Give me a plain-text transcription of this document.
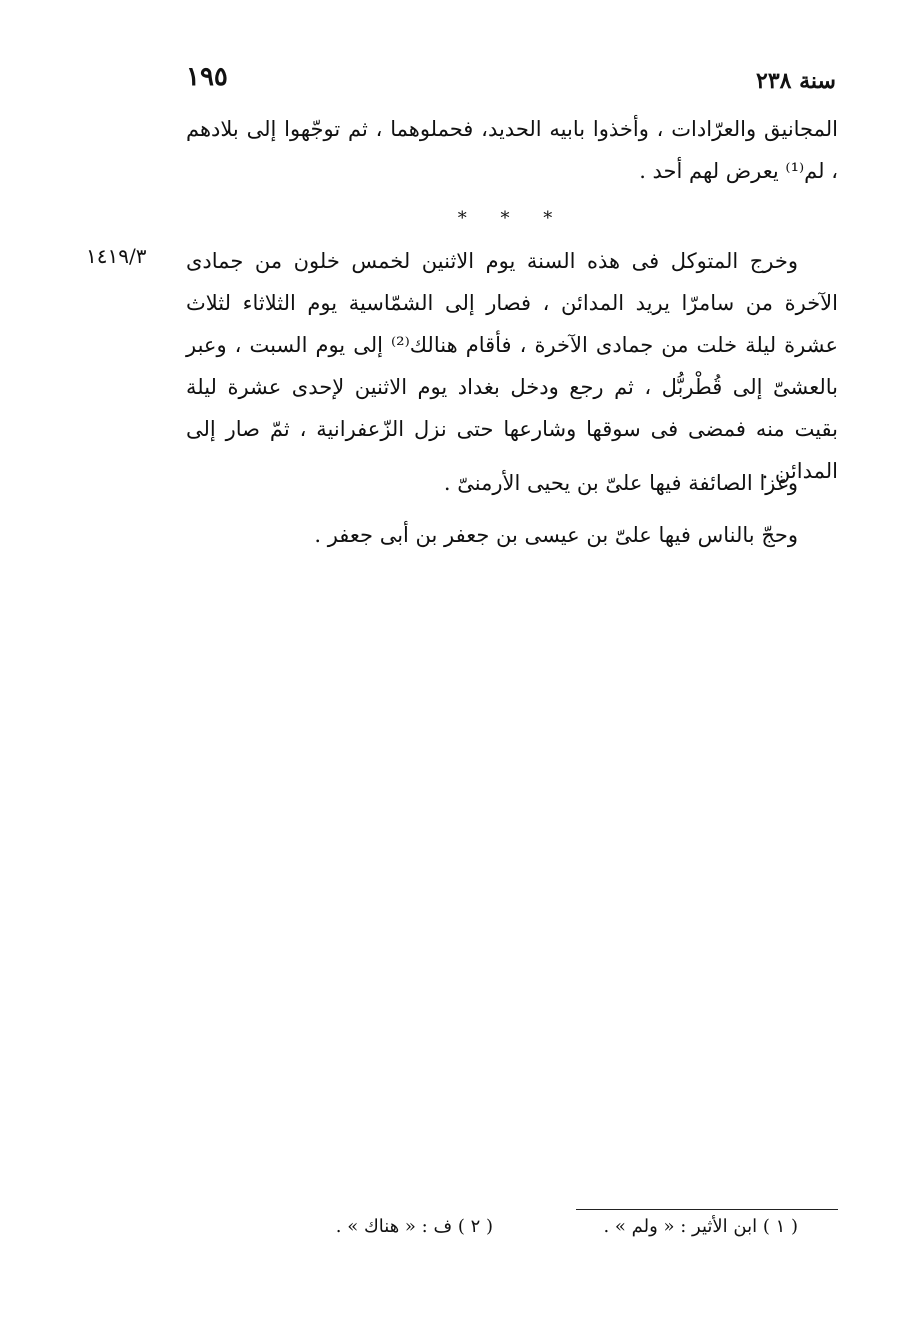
١٩٥	سنة ٢٣٨

المجانيق والعرّادات ، وأخذوا بابيه الحديد، فحملوهما ، ثم توجّهوا إلى بلادهم ، لم⁽¹⁾ يعرض لهم أحد .

* * *
١٤١٩/٣	وخرج المتوكل فى هذه السنة يوم الاثنين لخمس خلون من جمادى الآخرة من سامرّا يريد المدائن ، فصار إلى الشمّاسية يوم الثلاثاء لثلاث عشرة ليلة خلت من جمادى الآخرة ، فأقام هنالك⁽²⁾ إلى يوم السبت ، وعبر بالعشىّ إلى قُطْربُّل ، ثم رجع ودخل بغداد يوم الاثنين لإحدى عشرة ليلة بقيت منه فمضى فى سوقها وشارعها حتى نزل الزّعفرانية ، ثمّ صار إلى المدائن .

وغزا الصائفة فيها علىّ بن يحيى الأرمنىّ .
وحجّ بالناس فيها علىّ بن عيسى بن جعفر بن أبى جعفر .
( ١ ) ابن الأثير : « ولم » .
( ٢ ) ف : « هناك » .
